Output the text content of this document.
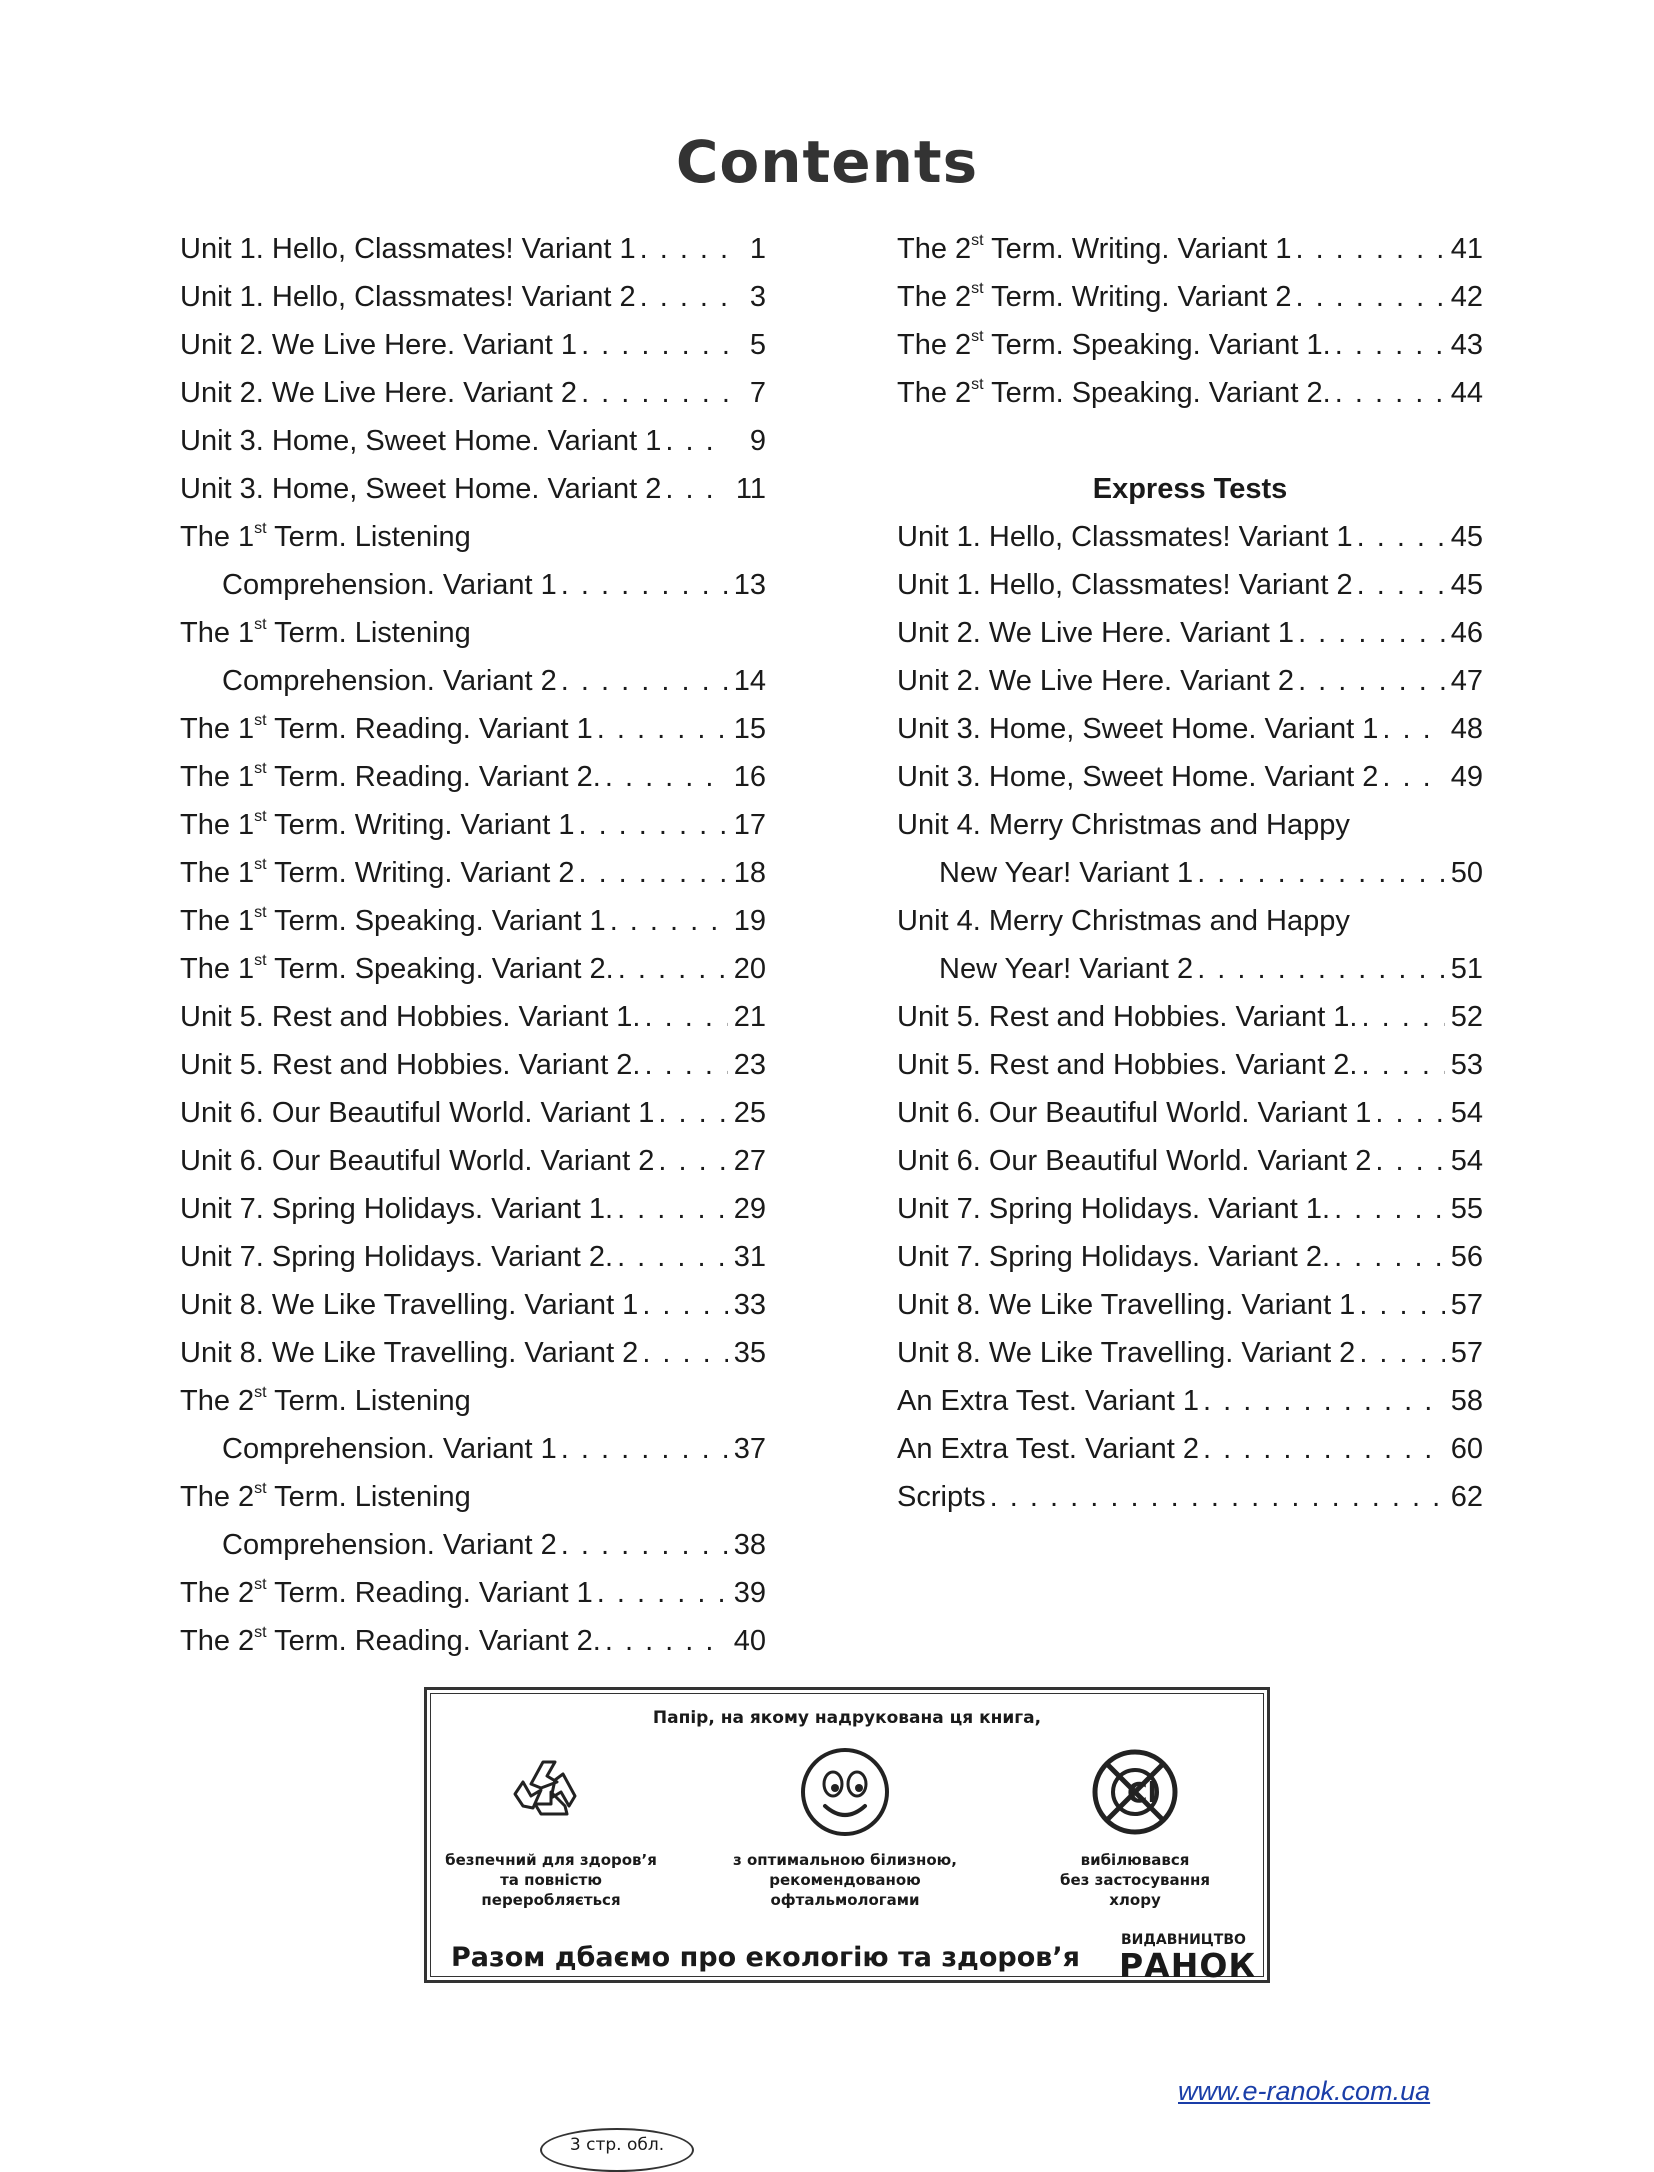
Contents
Unit 1. Hello, Classmates! Variant 1 . . .	1
Unit 1. Hello, Classmates! Variant 2 . . .	3
Unit 2. We Live Here. Variant 1 . . .	5
Unit 2. We Live Here. Variant 2 . . .	7
Unit 3. Home, Sweet Home. Variant 1 . . .	9
Unit 3. Home, Sweet Home. Variant 2 . . .	11
The 1st Term. Listening
Comprehension. Variant 1 . . .	13
The 1st Term. Listening
Comprehension. Variant 2 . . .	14
The 1st Term. Reading. Variant 1 . . .	15
The 1st Term. Reading. Variant 2. . . .	16
The 1st Term. Writing. Variant 1 . . .	17
The 1st Term. Writing. Variant 2 . . .	18
The 1st Term. Speaking. Variant 1 . . .	19
The 1st Term. Speaking. Variant 2. . . .	20
Unit 5. Rest and Hobbies. Variant 1. . . .	21
Unit 5. Rest and Hobbies. Variant 2. . . .	23
Unit 6. Our Beautiful World. Variant 1 . . .	25
Unit 6. Our Beautiful World. Variant 2 . . .	27
Unit 7. Spring Holidays. Variant 1. . . .	29
Unit 7. Spring Holidays. Variant 2. . . .	31
Unit 8. We Like Travelling. Variant 1 . . .	33
Unit 8. We Like Travelling. Variant 2 . . .	35
The 2st Term. Listening
Comprehension. Variant 1 . . .	37
The 2st Term. Listening
Comprehension. Variant 2 . . .	38
The 2st Term. Reading. Variant 1 . . .	39
The 2st Term. Reading. Variant 2. . . .	40
The 2st Term. Writing. Variant 1 . . .	41
The 2st Term. Writing. Variant 2 . . .	42
The 2st Term. Speaking. Variant 1. . . .	43
The 2st Term. Speaking. Variant 2. . . .	44
Express Tests
Unit 1. Hello, Classmates! Variant 1 . . .	45
Unit 1. Hello, Classmates! Variant 2 . . .	45
Unit 2. We Live Here. Variant 1 . . .	46
Unit 2. We Live Here. Variant 2 . . .	47
Unit 3. Home, Sweet Home. Variant 1 . . . 48
Unit 3. Home, Sweet Home. Variant 2 . . . 49
Unit 4. Merry Christmas and Happy
New Year! Variant 1 . . .	50
Unit 4. Merry Christmas and Happy
New Year! Variant 2 . . .	51
Unit 5. Rest and Hobbies. Variant 1. . . .	52
Unit 5. Rest and Hobbies. Variant 2. . . .	53
Unit 6. Our Beautiful World. Variant 1 . . .	54
Unit 6. Our Beautiful World. Variant 2 . . .	54
Unit 7. Spring Holidays. Variant 1. . . .	55
Unit 7. Spring Holidays. Variant 2. . . .	56
Unit 8. We Like Travelling. Variant 1 . . .	57
Unit 8. We Like Travelling. Variant 2 . . .	57
An Extra Test. Variant 1 . . .	58
An Extra Test. Variant 2 . . .	60
Scripts . . .	62
Папір, на якому надрукована ця книга,
безпечний для здоров’я
та повністю
переробляється
з оптимальною білизною,
рекомендованою
офтальмологами
Cl
вибілювався
без застосування
хлору
Разом дбаємо про екологію та здоров’я
ВИДАВНИЦТВО
РАНОК
www.e-ranok.com.ua
3 стр. обл.
